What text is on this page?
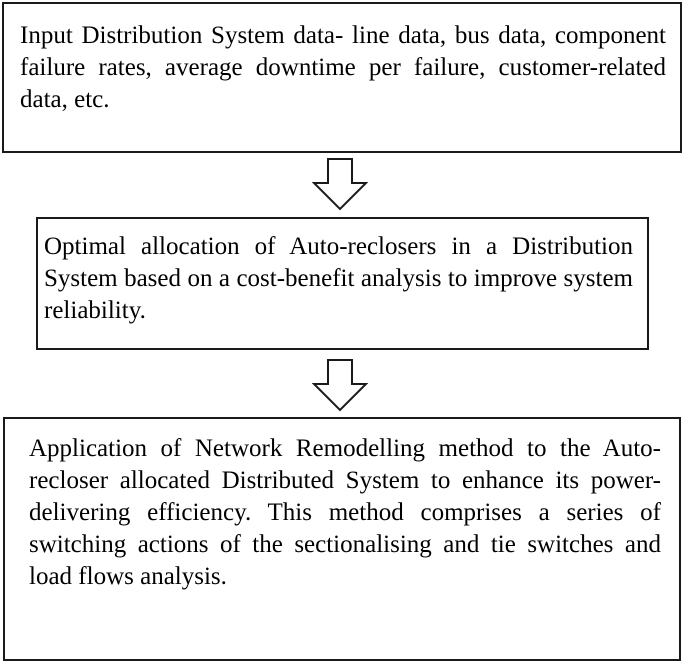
Input Distribution System data- line data, bus data, component failure rates, average downtime per failure, customer-related data, etc.

Optimal allocation of Auto-reclosers in a Distribution System based on a cost-benefit analysis to improve system reliability.

Application of Network Remodelling method to the Auto-recloser allocated Distributed System to enhance its power-delivering efficiency. This method comprises a series of switching actions of the sectionalising and tie switches and load flows analysis.
